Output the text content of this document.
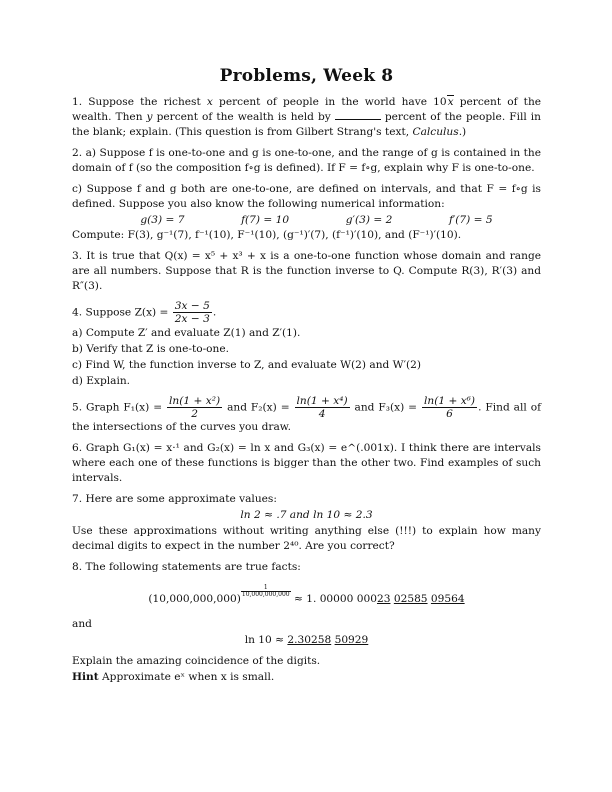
Problems, Week 8

1. Suppose the richest x percent of people in the world have 10x percent of the wealth. Then y percent of the wealth is held by	percent of the people. Fill in the blank; explain. (This question is from Gilbert Strang's text, Calculus.)

2. a) Suppose f is one-to-one and g is one-to-one, and the range of g is contained in the domain of f (so the composition f∘g is defined). If F = f∘g, explain why F is one-to-one.

c) Suppose f and g both are one-to-one, are defined on intervals, and that F = f∘g is defined. Suppose you also know the following numerical information:

g(3) = 7	f(7) = 10	g′(3) = 2	f′(7) = 5

Compute: F(3), g⁻¹(7), f⁻¹(10), F⁻¹(10), (g⁻¹)′(7), (f⁻¹)′(10), and (F⁻¹)′(10).

3. It is true that Q(x) = x⁵ + x³ + x is a one-to-one function whose domain and range are all numbers. Suppose that R is the function inverse to Q. Compute R(3), R′(3) and R″(3).

4. Suppose $Z(x) = \frac{3x - 5}{2x - 3}$ .

a) Compute Z′ and evaluate Z(1) and Z′(1).

b) Verify that Z is one-to-one.

c) Find W, the function inverse to Z, and evaluate W(2) and W′(2)

d) Explain.

5. Graph $F_1(x) = \frac{\text{ln(1 + x²)}}{2}$ and $F_2(x) = \frac{\text{ln(1 + x⁴)}}{4}$ and $F_3(x) = \frac{\text{ln(1 + x⁶)}}{6}$ . Find all of the intersections of the curves you draw.

6. Graph G₁(x) = x·¹ and G₂(x) = ln x and G₃(x) = e^(.001x). I think there are intervals where each one of these functions is bigger than the other two. Find examples of such intervals.

7. Here are some approximate values:

ln 2 ≈ .7 and ln 10 ≈ 2.3

Use these approximations without writing anything else (!!!) to explain how many decimal digits to expect in the number 2⁴⁰. Are you correct?

8. The following statements are true facts:

(10,000,000,000)
$\frac{1}{10,000,000,000}$
≈ 1. 00000 00023 02585 09564

and

ln 10 ≈ 2.30258 50929

Explain the amazing coincidence of the digits.

Hint Approximate eˣ when x is small.
